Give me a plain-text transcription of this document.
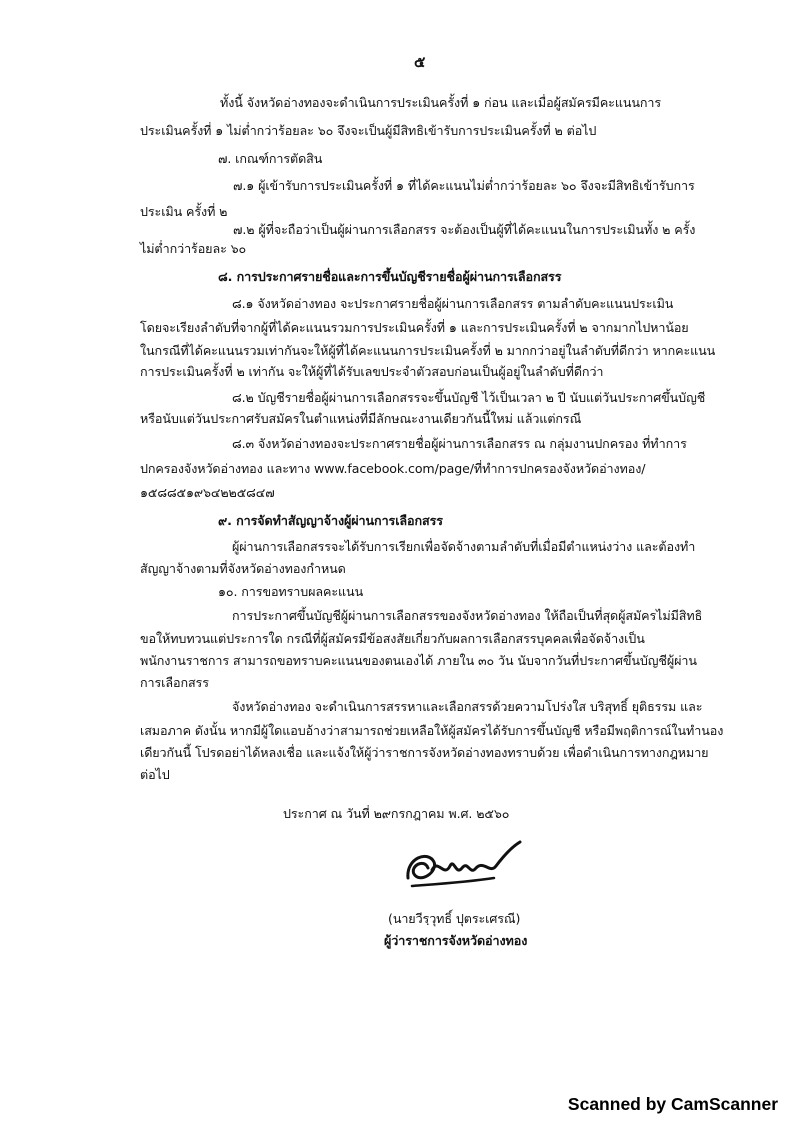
๕
ทั้งนี้ จังหวัดอ่างทองจะดำเนินการประเมินครั้งที่ ๑ ก่อน และเมื่อผู้สมัครมีคะแนนการ
ประเมินครั้งที่ ๑ ไม่ต่ำกว่าร้อยละ ๖๐ จึงจะเป็นผู้มีสิทธิเข้ารับการประเมินครั้งที่ ๒ ต่อไป
๗. เกณฑ์การตัดสิน
๗.๑ ผู้เข้ารับการประเมินครั้งที่ ๑ ที่ได้คะแนนไม่ต่ำกว่าร้อยละ ๖๐ จึงจะมีสิทธิเข้ารับการ
ประเมิน ครั้งที่ ๒
๗.๒ ผู้ที่จะถือว่าเป็นผู้ผ่านการเลือกสรร จะต้องเป็นผู้ที่ได้คะแนนในการประเมินทั้ง ๒ ครั้ง
ไม่ต่ำกว่าร้อยละ ๖๐
๘. การประกาศรายชื่อและการขึ้นบัญชีรายชื่อผู้ผ่านการเลือกสรร
๘.๑ จังหวัดอ่างทอง จะประกาศรายชื่อผู้ผ่านการเลือกสรร ตามลำดับคะแนนประเมิน
โดยจะเรียงลำดับที่จากผู้ที่ได้คะแนนรวมการประเมินครั้งที่ ๑ และการประเมินครั้งที่ ๒ จากมากไปหาน้อย
ในกรณีที่ได้คะแนนรวมเท่ากันจะให้ผู้ที่ได้คะแนนการประเมินครั้งที่ ๒ มากกว่าอยู่ในลำดับที่ดีกว่า หากคะแนน
การประเมินครั้งที่ ๒ เท่ากัน จะให้ผู้ที่ได้รับเลขประจำตัวสอบก่อนเป็นผู้อยู่ในลำดับที่ดีกว่า
๘.๒ บัญชีรายชื่อผู้ผ่านการเลือกสรรจะขึ้นบัญชี ไว้เป็นเวลา ๒ ปี นับแต่วันประกาศขึ้นบัญชี
หรือนับแต่วันประกาศรับสมัครในตำแหน่งที่มีลักษณะงานเดียวกันนี้ใหม่ แล้วแต่กรณี
๘.๓ จังหวัดอ่างทองจะประกาศรายชื่อผู้ผ่านการเลือกสรร ณ กลุ่มงานปกครอง ที่ทำการ
ปกครองจังหวัดอ่างทอง และทาง www.facebook.com/page/ที่ทำการปกครองจังหวัดอ่างทอง/
๑๕๘๘๕๑๙๖๔๒๒๕๘๔๗
๙. การจัดทำสัญญาจ้างผู้ผ่านการเลือกสรร
ผู้ผ่านการเลือกสรรจะได้รับการเรียกเพื่อจัดจ้างตามลำดับที่เมื่อมีตำแหน่งว่าง และต้องทำ
สัญญาจ้างตามที่จังหวัดอ่างทองกำหนด
๑๐. การขอทราบผลคะแนน
การประกาศขึ้นบัญชีผู้ผ่านการเลือกสรรของจังหวัดอ่างทอง ให้ถือเป็นที่สุดผู้สมัครไม่มีสิทธิ
ขอให้ทบทวนแต่ประการใด กรณีที่ผู้สมัครมีข้อสงสัยเกี่ยวกับผลการเลือกสรรบุคคลเพื่อจัดจ้างเป็น
พนักงานราชการ สามารถขอทราบคะแนนของตนเองได้ ภายใน ๓๐ วัน นับจากวันที่ประกาศขึ้นบัญชีผู้ผ่าน
การเลือกสรร
จังหวัดอ่างทอง จะดำเนินการสรรหาและเลือกสรรด้วยความโปร่งใส บริสุทธิ์ ยุติธรรม และ
เสมอภาค ดังนั้น หากมีผู้ใดแอบอ้างว่าสามารถช่วยเหลือให้ผู้สมัครได้รับการขึ้นบัญชี หรือมีพฤติการณ์ในทำนอง
เดียวกันนี้ โปรดอย่าได้หลงเชื่อ และแจ้งให้ผู้ว่าราชการจังหวัดอ่างทองทราบด้วย เพื่อดำเนินการทางกฎหมาย
ต่อไป
ประกาศ ณ วันที่ ๒๙กรกฎาคม พ.ศ. ๒๕๖๐
(นายวีรฺวุทธิ์ ปุตระเศรณี)
ผู้ว่าราชการจังหวัดอ่างทอง
Scanned by CamScanner
